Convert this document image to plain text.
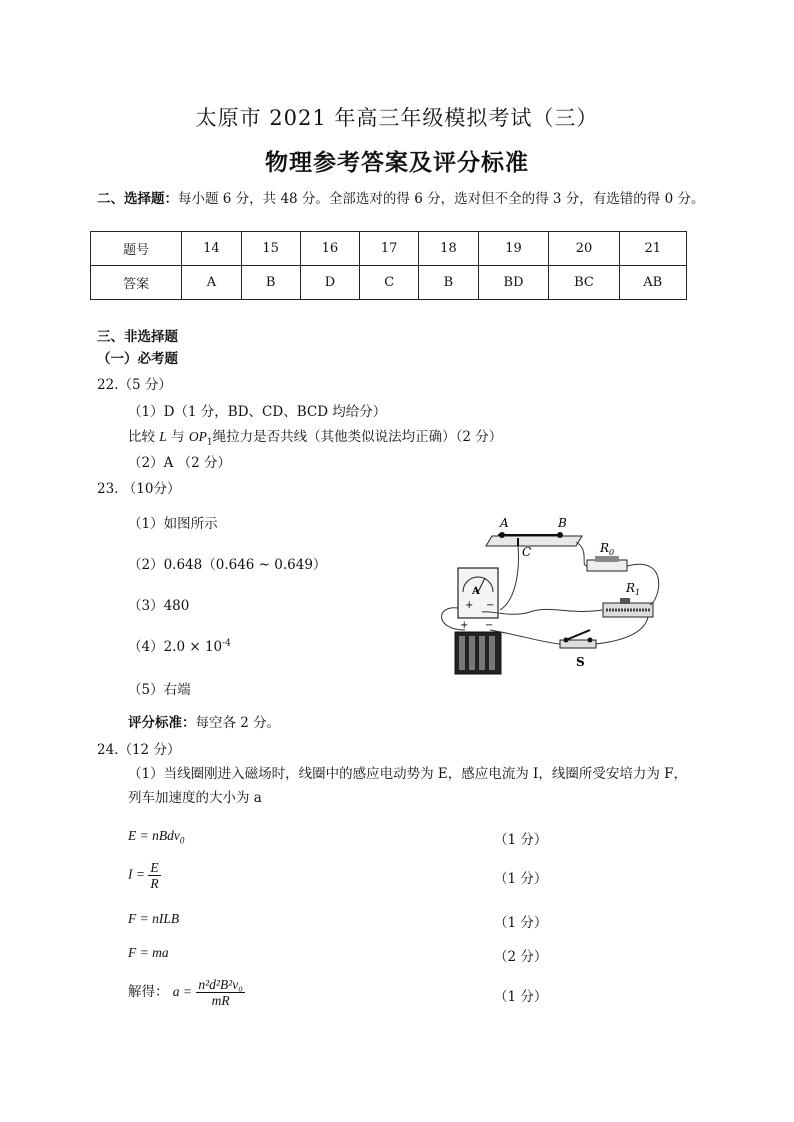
太原市 2021 年高三年级模拟考试（三）
物理参考答案及评分标准
二、选择题：每小题 6 分，共 48 分。全部选对的得 6 分，选对但不全的得 3 分，有选错的得 0 分。
题号	14	15	16	17	18	19	20	21
答案	A	B	D	C	B	BD	BC	AB
三、非选择题
（一）必考题
22.（5 分）
（1）D（1 分，BD、CD、BCD 均给分）
比较 L 与 $OP_1$绳拉力是否共线（其他类似说法均正确）（2 分）
（2）A （2 分）
23. （10分）
（1）如图所示
（2）0.648（0.646 ~ 0.649）
（3）480
$(4)2.0 \times 10^{-4}$
（5）右端
评分标准：每空各 2 分。
A	B
C	$R_0$
$R_1$
A
+ −
+ −
S
24.（12 分）
（1）当线圈刚进入磁场时，线圈中的感应电动势为 E，感应电流为 I，线圈所受安培力为 F，
列车加速度的大小为 a
E = nBdv$_0$	（1 分）
$I = \frac{E}{R}$	（1 分）
F = nILB	（1 分）
F = ma	（2 分）
解得： $a = \frac{\text{n²d²B²v₀}}{mR}$	（1 分）
